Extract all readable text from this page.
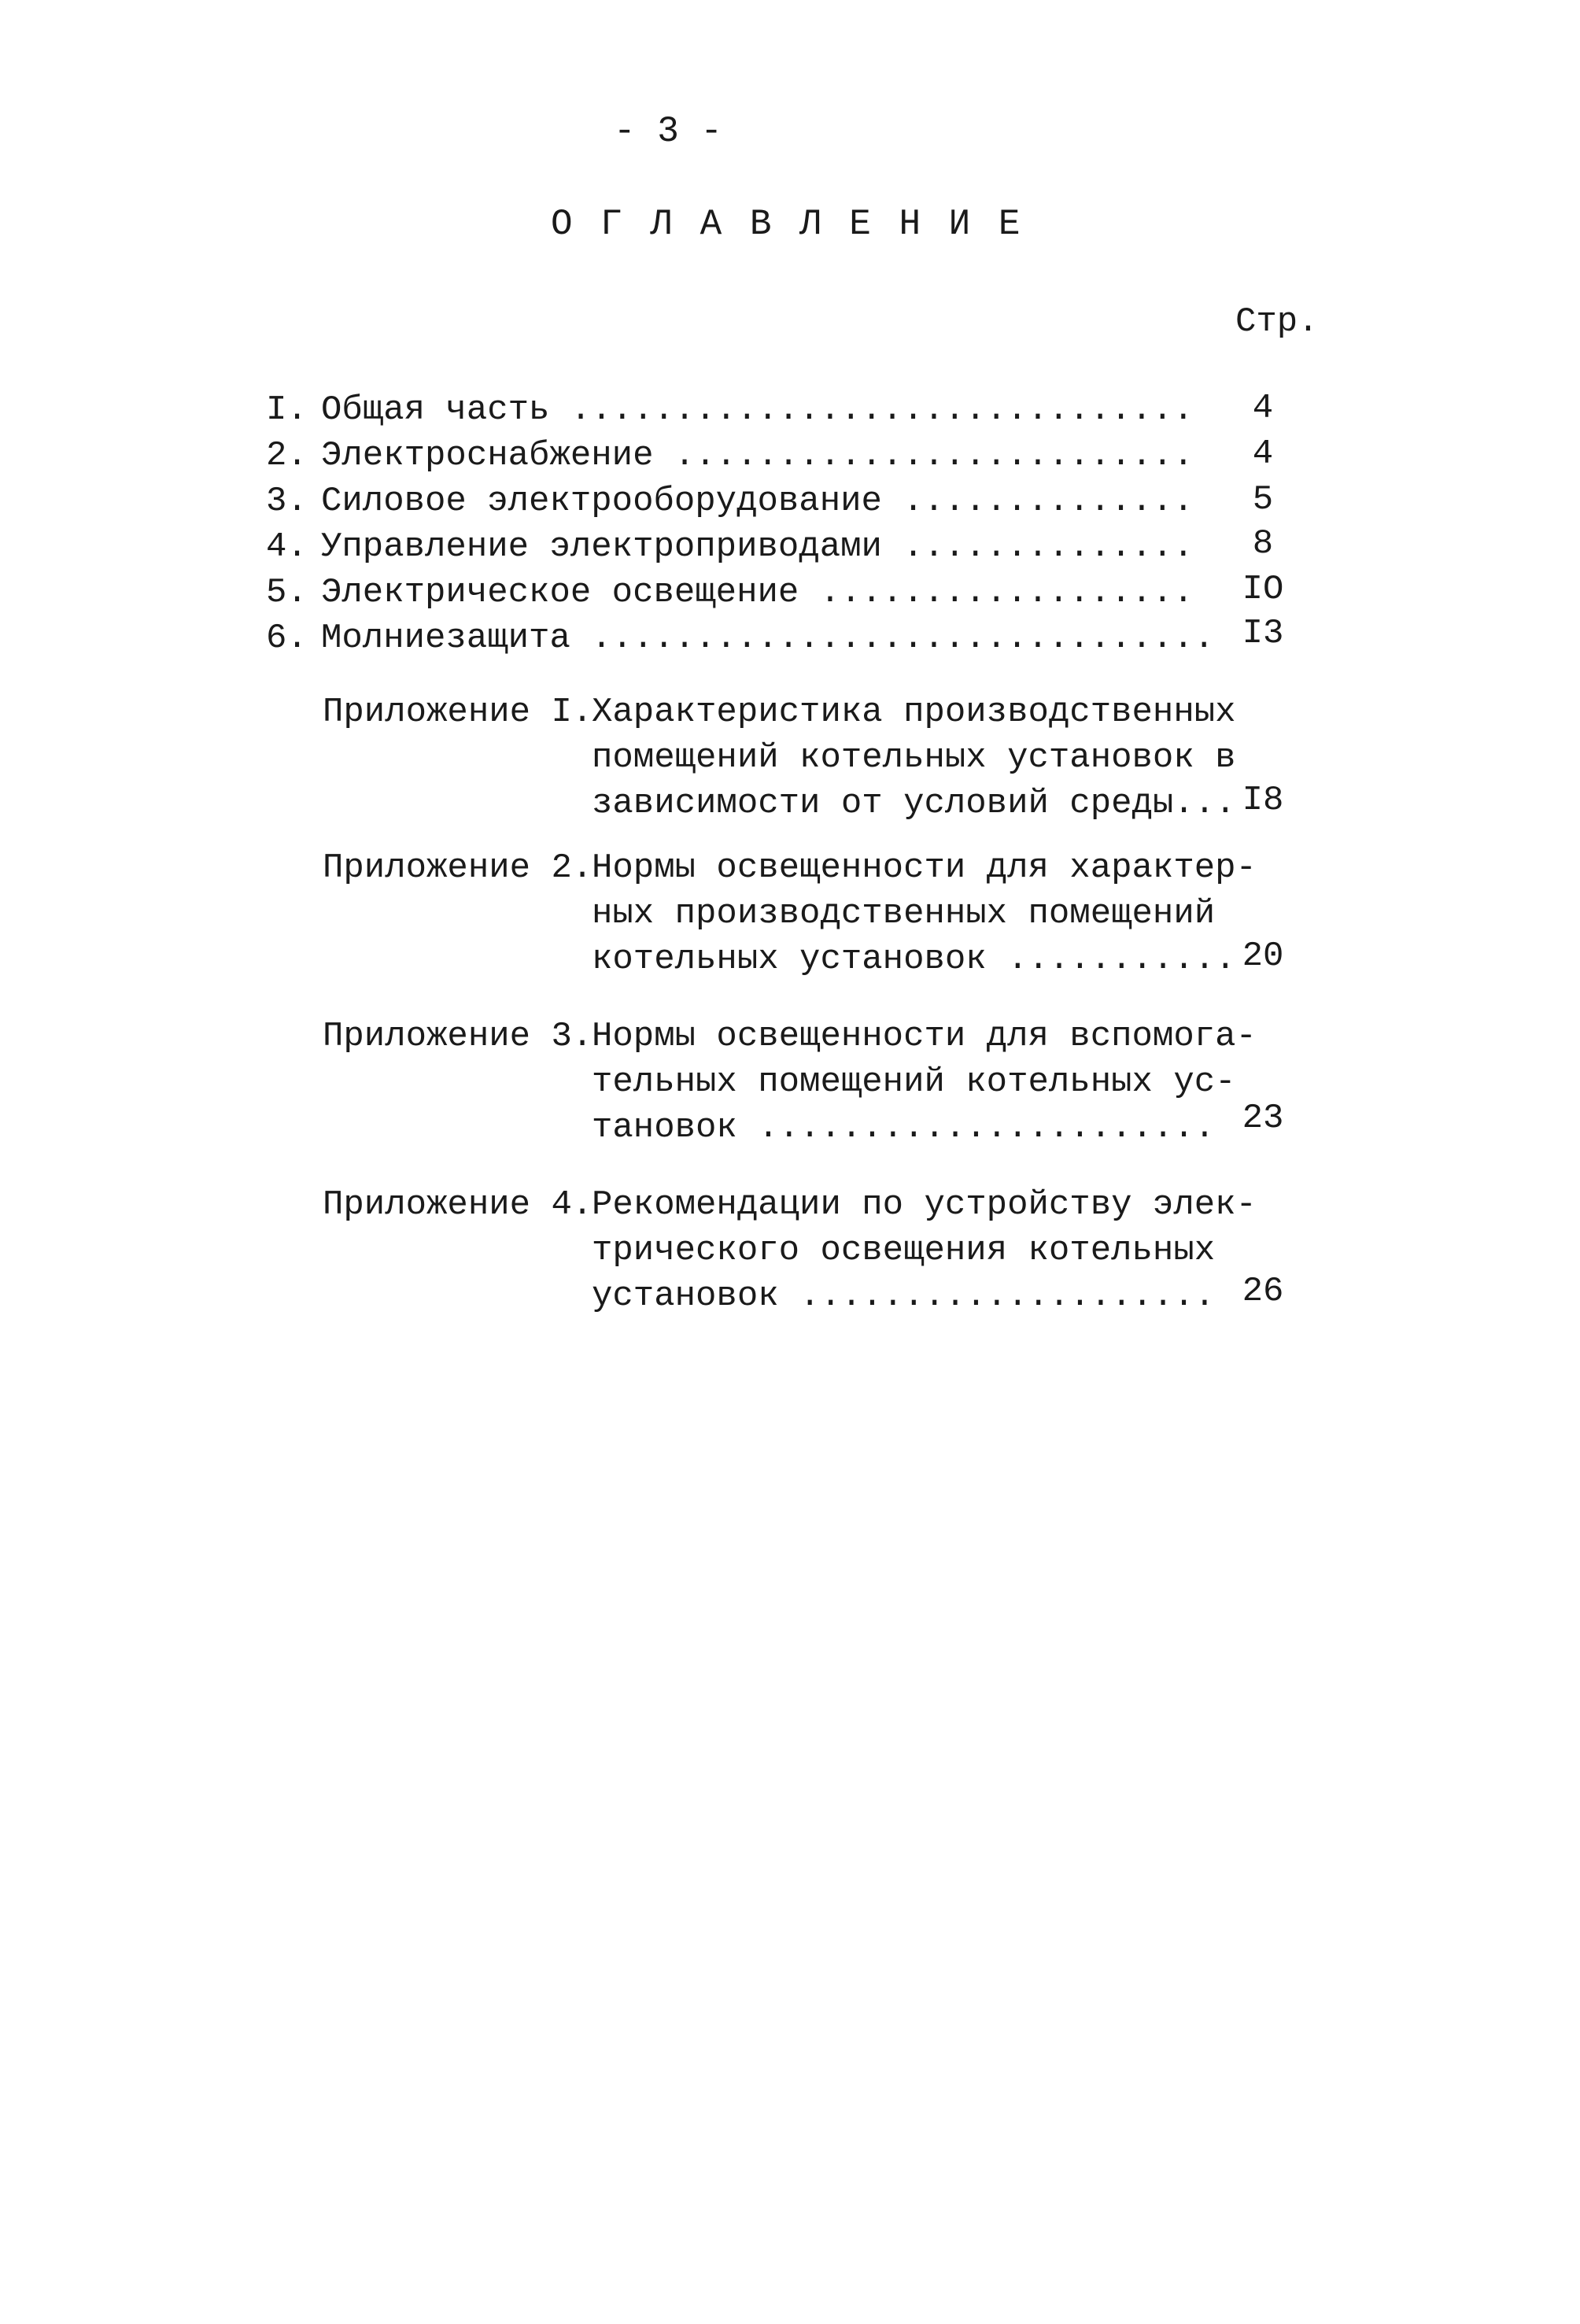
- 3 -
О Г Л А В Л Е Н И Е
Стр.
I. Общая часть ..............................	4
2. Электроснабжение .........................	4
3. Силовое электрооборудование ..............	5
4. Управление электроприводами ..............	8
5. Электрическое освещение ..................	IO
6. Молниезащита .............................. I3
Приложение I.
Характеристика производственных
помещений котельных установок в
зависимости от условий среды... I8
Приложение 2.
Нормы освещенности для характер-
ных производственных помещений
котельных установок ........... 20
Приложение 3.
Нормы освещенности для вспомога-
тельных помещений котельных ус-
тановок ...................... 23
Приложение 4.
Рекомендации по устройству элек-
трического освещения котельных
установок .................... 26
